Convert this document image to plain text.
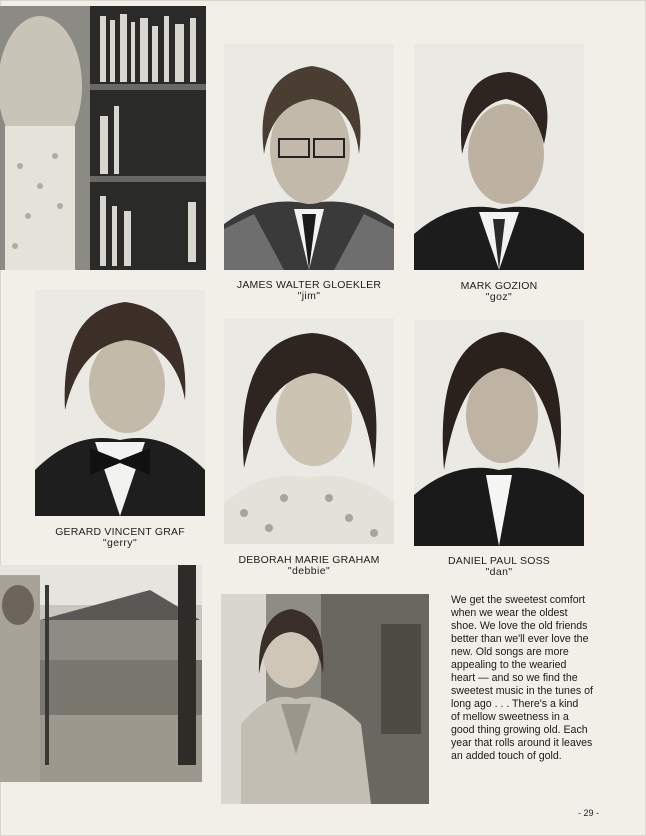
JAMES WALTER GLOEKLER
"jim"
MARK GOZION
"goz"
GERARD VINCENT GRAF
"gerry"
DEBORAH MARIE GRAHAM
"debbie"
DANIEL PAUL SOSS
"dan"
We get the sweetest comfort
when we wear the oldest
shoe. We love the old friends
better than we'll ever love the
new. Old songs are more
appealing to the wearied
heart — and so we find the
sweetest music in the tunes of
long ago . . . There's a kind
of mellow sweetness in a
good thing growing old. Each
year that rolls around it leaves
an added touch of gold.
- 29 -
